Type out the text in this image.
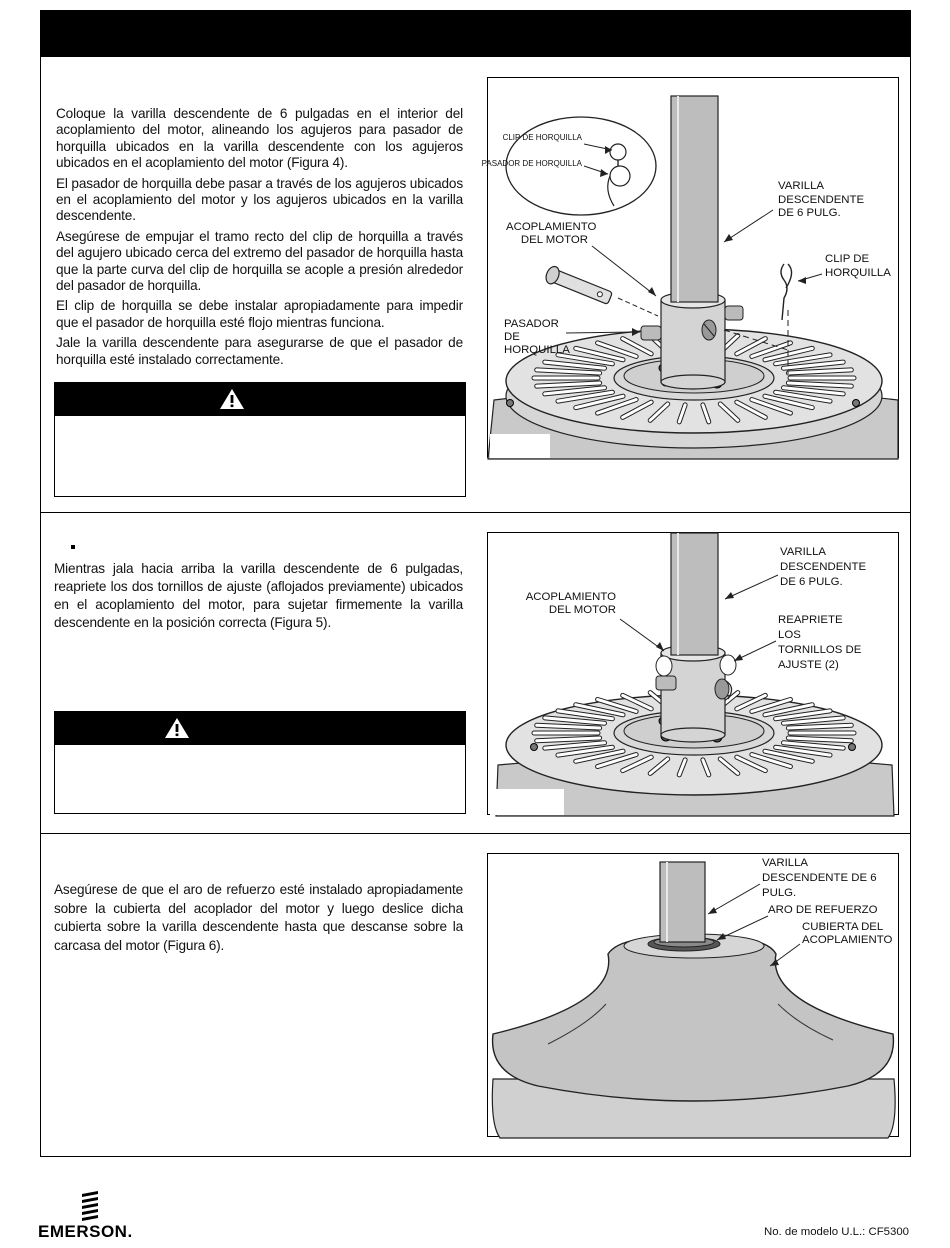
Coloque la varilla descendente de 6 pulgadas en el interior del acoplamiento del motor, alineando los agujeros para pasador de horquilla ubicados en la varilla descendente con los agujeros ubicados en el acoplamiento del motor (Figura 4).

El pasador de horquilla debe pasar a través de los agujeros ubicados en el acoplamiento del motor y los agujeros ubicados en la varilla descendente.

Asegúrese de empujar el tramo recto del clip de horquilla a través del agujero ubicado cerca del extremo del pasador de horquilla hasta que la parte curva del clip de horquilla se acople a presión alrededor del pasador de horquilla.

El clip de horquilla se debe instalar apropiadamente para impedir que el pasador de horquilla esté flojo mientras funciona.

Jale la varilla descendente para asegurarse de que el pasador de horquilla esté instalado correctamente.

CLIP DE HORQUILLA
PASADOR DE HORQUILLA
VARILLA DESCENDENTE DE 6 PULG.
ACOPLAMIENTO DEL MOTOR
CLIP DE HORQUILLA
PASADOR DE HORQUILLA

Mientras jala hacia arriba la varilla descendente de 6 pulgadas, reapriete los dos tornillos de ajuste (aflojados previamente) ubicados en el acoplamiento del motor, para sujetar firmemente la varilla descendente en la posición correcta (Figura 5).

VARILLA DESCENDENTE DE 6 PULG.
ACOPLAMIENTO DEL MOTOR
REAPRIETE LOS TORNILLOS DE AJUSTE (2)

Asegúrese de que el aro de refuerzo esté instalado apropiadamente sobre la cubierta del acoplador del motor y luego deslice dicha cubierta sobre la varilla descendente hasta que descanse sobre la carcasa del motor (Figura 6).

VARILLA DESCENDENTE DE 6 PULG.
ARO DE REFUERZO
CUBIERTA DEL ACOPLAMIENTO
EMERSON.	No. de modelo U.L.: CF5300
